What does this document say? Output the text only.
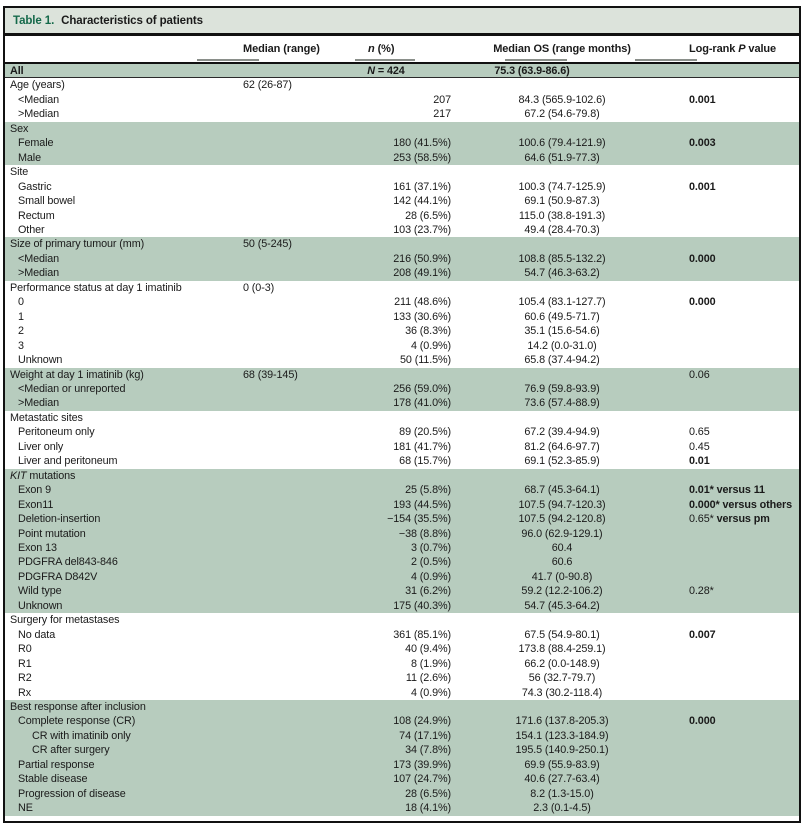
Table 1. Characteristics of patients
Median (range)	n (%)	Median OS (range months)	Log-rank P value
All	N = 424	75.3 (63.9-86.6)
Age (years)	62 (26-87)
<Median	207	84.3 (565.9-102.6)	0.001
>Median	217	67.2 (54.6-79.8)
Sex
Female	180 (41.5%)	100.6 (79.4-121.9)	0.003
Male	253 (58.5%)	64.6 (51.9-77.3)
Site
Gastric	161 (37.1%)	100.3 (74.7-125.9)	0.001
Small bowel	142 (44.1%)	69.1 (50.9-87.3)
Rectum	28 (6.5%)	115.0 (38.8-191.3)
Other	103 (23.7%)	49.4 (28.4-70.3)
Size of primary tumour (mm)	50 (5-245)
<Median	216 (50.9%)	108.8 (85.5-132.2)	0.000
>Median	208 (49.1%)	54.7 (46.3-63.2)
Performance status at day 1 imatinib	0 (0-3)
0	211 (48.6%)	105.4 (83.1-127.7)	0.000
1	133 (30.6%)	60.6 (49.5-71.7)
2	36 (8.3%)	35.1 (15.6-54.6)
3	4 (0.9%)	14.2 (0.0-31.0)
Unknown	50 (11.5%)	65.8 (37.4-94.2)
Weight at day 1 imatinib (kg)	68 (39-145)	0.06
<Median or unreported	256 (59.0%)	76.9 (59.8-93.9)
>Median	178 (41.0%)	73.6 (57.4-88.9)
Metastatic sites
Peritoneum only	89 (20.5%)	67.2 (39.4-94.9)	0.65
Liver only	181 (41.7%)	81.2 (64.6-97.7)	0.45
Liver and peritoneum	68 (15.7%)	69.1 (52.3-85.9)	0.01
KIT mutations
Exon 9	25 (5.8%)	68.7 (45.3-64.1)	0.01* versus 11
Exon11	193 (44.5%)	107.5 (94.7-120.3)	0.000* versus others
Deletion-insertion	−154 (35.5%)	107.5 (94.2-120.8)	0.65* versus pm
Point mutation	−38 (8.8%)	96.0 (62.9-129.1)
Exon 13	3 (0.7%)	60.4
PDGFRA del843-846	2 (0.5%)	60.6
PDGFRA D842V	4 (0.9%)	41.7 (0-90.8)
Wild type	31 (6.2%)	59.2 (12.2-106.2)	0.28*
Unknown	175 (40.3%)	54.7 (45.3-64.2)
Surgery for metastases
No data	361 (85.1%)	67.5 (54.9-80.1)	0.007
R0	40 (9.4%)	173.8 (88.4-259.1)
R1	8 (1.9%)	66.2 (0.0-148.9)
R2	11 (2.6%)	56 (32.7-79.7)
Rx	4 (0.9%)	74.3 (30.2-118.4)
Best response after inclusion
Complete response (CR)	108 (24.9%)	171.6 (137.8-205.3)	0.000
CR with imatinib only	74 (17.1%)	154.1 (123.3-184.9)
CR after surgery	34 (7.8%)	195.5 (140.9-250.1)
Partial response	173 (39.9%)	69.9 (55.9-83.9)
Stable disease	107 (24.7%)	40.6 (27.7-63.4)
Progression of disease	28 (6.5%)	8.2 (1.3-15.0)
NE	18 (4.1%)	2.3 (0.1-4.5)
